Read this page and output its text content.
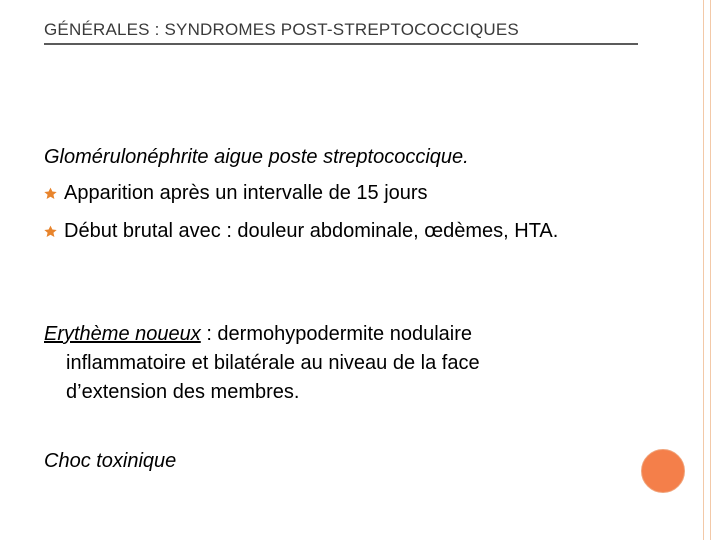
GÉNÉRALES : SYNDROMES POST-STREPTOCOCCIQUES
Glomérulonéphrite aigue poste streptococcique.
Apparition après un intervalle de 15 jours
Début brutal avec : douleur abdominale, œdèmes, HTA.
Erythème noueux : dermohypodermite nodulaire
inflammatoire et bilatérale au niveau de la face
d’extension des membres.
Choc toxinique
